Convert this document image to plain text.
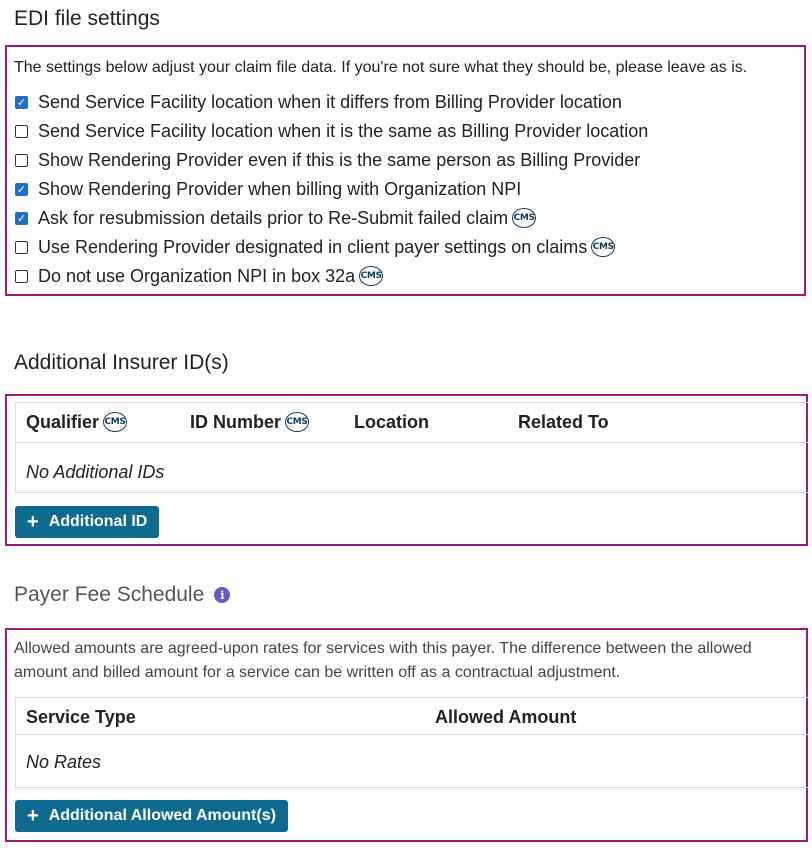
EDI file settings
The settings below adjust your claim file data. If you're not sure what they should be, please leave as is.
✓
Send Service Facility location when it differs from Billing Provider location
Send Service Facility location when it is the same as Billing Provider location
Show Rendering Provider even if this is the same person as Billing Provider
✓
Show Rendering Provider when billing with Organization NPI
✓
Ask for resubmission details prior to Re-Submit failed claim CMS
Use Rendering Provider designated in client payer settings on claims CMS
Do not use Organization NPI in box 32a CMS
Additional Insurer ID(s)
Qualifier CMS	ID Number CMS	Location	Related To
No Additional IDs
+ Additional ID
Payer Fee Schedule	i
Allowed amounts are agreed-upon rates for services with this payer. The difference between the allowed
amount and billed amount for a service can be written off as a contractual adjustment.
Service Type	Allowed Amount
No Rates
+ Additional Allowed Amount(s)
